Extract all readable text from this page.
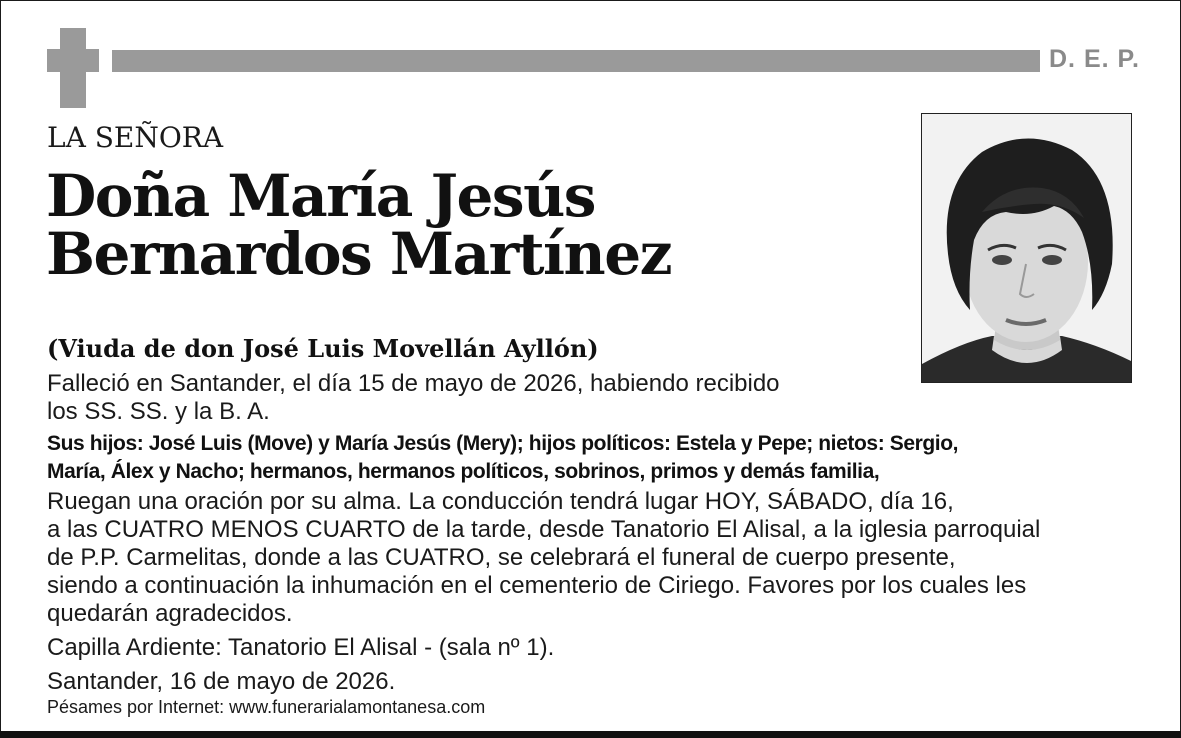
D. E. P.
LA SEÑORA
Doña María Jesús
Bernardos Martínez
(Viuda de don José Luis Movellán Ayllón)
Falleció en Santander, el día 15 de mayo de 2026, habiendo recibido
los SS. SS. y la B. A.
Sus hijos: José Luis (Move) y María Jesús (Mery); hijos políticos: Estela y Pepe; nietos: Sergio,
María, Álex y Nacho; hermanos, hermanos políticos, sobrinos, primos y demás familia,
Ruegan una oración por su alma. La conducción tendrá lugar HOY, SÁBADO, día 16,
a las CUATRO MENOS CUARTO de la tarde, desde Tanatorio El Alisal, a la iglesia parroquial
de P.P. Carmelitas, donde a las CUATRO, se celebrará el funeral de cuerpo presente,
siendo a continuación la inhumación en el cementerio de Ciriego. Favores por los cuales les
quedarán agradecidos.
Capilla Ardiente: Tanatorio El Alisal - (sala nº 1).
Santander, 16 de mayo de 2026.
Pésames por Internet: www.funerarialamontanesa.com
